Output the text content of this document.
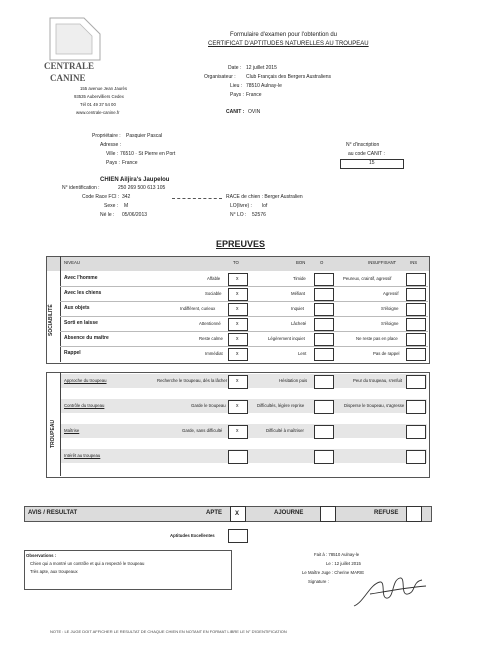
CENTRALE
CANINE
155 avenue Jean Jaurès
93535 Aubervilliers Cedex
Tél 01 49 37 54 00
www.centrale-canine.fr
Formulaire d'examen pour l'obtention du
CERTIFICAT D'APTITUDES NATURELLES AU TROUPEAU
Date : 12 juillet 2015
Organisateur : Club Français des Bergers Australiens
Lieu : 78510 Aulnay-le
Pays : France
CANIT : OVIN
Propriétaire : Pasquier Pascal
Adresse :
Ville : 76510 · St Pierre en Port
Pays : France
N° d'inscription
au code CANIT :
15
CHIEN :
Ailjira's Jaupelou
N° identification :	250 269 500 613 105
Code Race FCI : 342	RACE de chien : Berger Australien
Sexe : M	LO(livre) : lof
Né le : 05/06/2013	N° LO : 52576
EPREUVES
NIVEAU	TO	BON	O	INSUFFISANT	INS
SOCIABILITÉ
Avec l'homme	Affable	x	Timide	Peureux, craintif, agressif
Avec les chiens	Sociable	x	Méfiant	Agressif
Aux objets	Indifférent, curieux	x	Inquiet	S'éloigne
Sorti en laisse	Attentionné	x	Lâcheté	S'éloigne
Absence du maître	Reste calme	x	Légèrement inquiet	Ne reste pas en place
Rappel	Immédiat	x	Lent	Pas de rappel
TROUPEAU
Approche du troupeau	Recherche le troupeau, dès la lâcher x	Hésitation puis	Peur du troupeau, s'enfuit
Contrôle du troupeau	Garde le troupeau x	Difficultés, légère reprise	Disperse le troupeau, s'agresse
Maîtrise	Garde, sans difficulté	x	Difficulté à maîtriser
Intérêt au troupeau
AVIS / RESULTAT	APTE X	AJOURNE	REFUSE
Aptitudes Excellentes
Observations :
Chien qui a montré un contrôle et qui a respecté le troupeau
Très apte, aux troupeaux
Fait à : 78510 Aulnay-le
Le : 12 juillet 2015
Le Maître Juge : Cherine MARIE
Signature :
NOTE : LE JUGE DOIT AFFICHER LE RESULTAT DE CHAQUE CHIEN EN NOTANT EN FORMAT LIBRE LE N° D'IDENTIFICATION
